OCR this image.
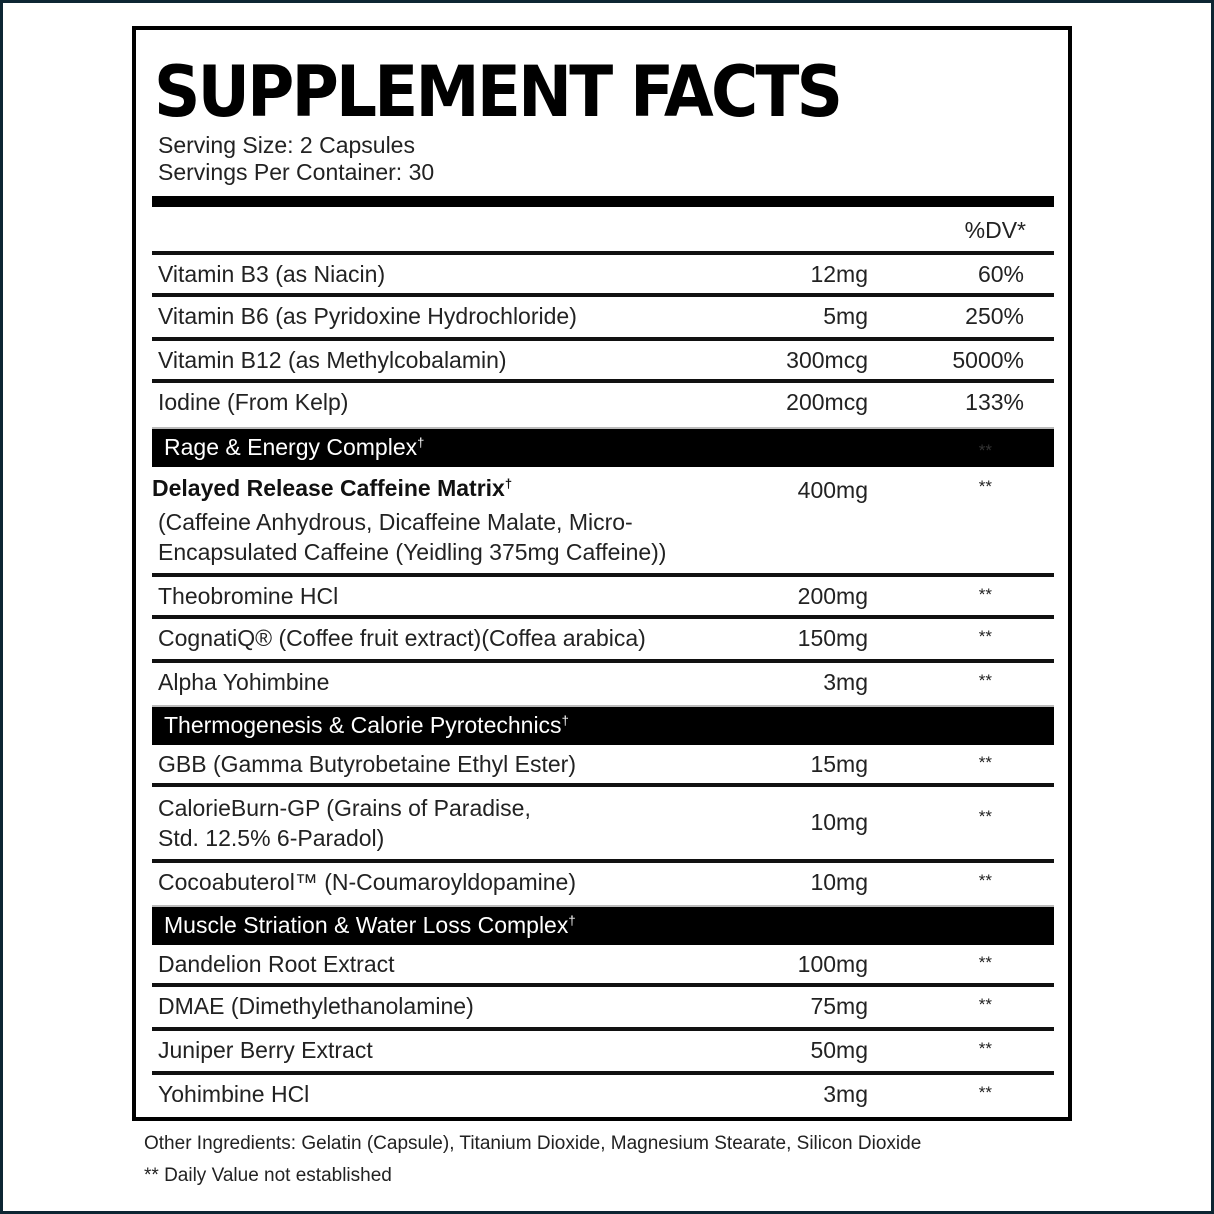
SUPPLEMENT FACTS
Serving Size: 2 Capsules
Servings Per Container: 30
%DV*
Vitamin B3 (as Niacin)	12mg	60%
Vitamin B6 (as Pyridoxine Hydrochloride)	5mg	250%
Vitamin B12 (as Methylcobalamin)	300mcg	5000%
Iodine (From Kelp)	200mcg	133%
Rage & Energy Complex†	**
Delayed Release Caffeine Matrix†
(Caffeine Anhydrous, Dicaffeine Malate, Micro-
Encapsulated Caffeine (Yeidling 375mg Caffeine))
400mg	**
Theobromine HCl	200mg	**
CognatiQ® (Coffee fruit extract)(Coffea arabica)	150mg	**
Alpha Yohimbine	3mg	**
Thermogenesis & Calorie Pyrotechnics†
GBB (Gamma Butyrobetaine Ethyl Ester)	15mg	**
CalorieBurn-GP (Grains of Paradise,
Std. 12.5% 6-Paradol)
10mg	**
Cocoabuterol™ (N-Coumaroyldopamine)	10mg	**
Muscle Striation & Water Loss Complex†
Dandelion Root Extract	100mg	**
DMAE (Dimethylethanolamine)	75mg	**
Juniper Berry Extract	50mg	**
Yohimbine HCl	3mg	**
Other Ingredients: Gelatin (Capsule), Titanium Dioxide, Magnesium Stearate, Silicon Dioxide
** Daily Value not established
